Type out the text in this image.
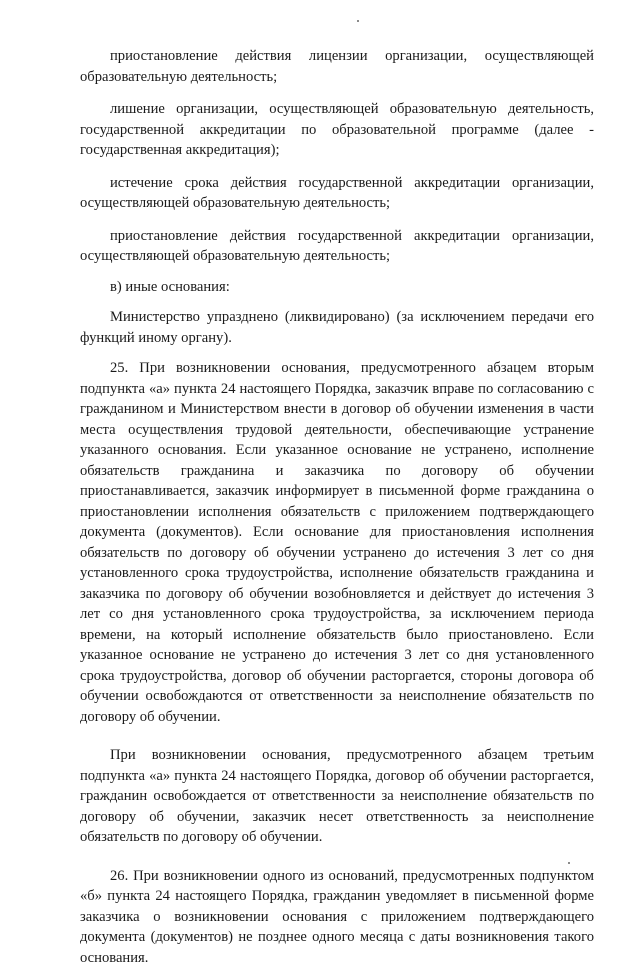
приостановление действия лицензии организации, осуществляющей образовательную деятельность;

лишение организации, осуществляющей образовательную деятельность, государственной аккредитации по образовательной программе (далее - государственная аккредитация);

истечение срока действия государственной аккредитации организации, осуществляющей образовательную деятельность;

приостановление действия государственной аккредитации организации, осуществляющей образовательную деятельность;

в) иные основания:

Министерство упразднено (ликвидировано) (за исключением передачи его функций иному органу).

25. При возникновении основания, предусмотренного абзацем вторым подпункта «а» пункта 24 настоящего Порядка, заказчик вправе по согласованию с гражданином и Министерством внести в договор об обучении изменения в части места осуществления трудовой деятельности, обеспечивающие устранение указанного основания. Если указанное основание не устранено, исполнение обязательств гражданина и заказчика по договору об обучении приостанавливается, заказчик информирует в письменной форме гражданина о приостановлении исполнения обязательств с приложением подтверждающего документа (документов). Если основание для приостановления исполнения обязательств по договору об обучении устранено до истечения 3 лет со дня установленного срока трудоустройства, исполнение обязательств гражданина и заказчика по договору об обучении возобновляется и действует до истечения 3 лет со дня установленного срока трудоустройства, за исключением периода времени, на который исполнение обязательств было приостановлено. Если указанное основание не устранено до истечения 3 лет со дня установленного срока трудоустройства, договор об обучении расторгается, стороны договора об обучении освобождаются от ответственности за неисполнение обязательств по договору об обучении.

При возникновении основания, предусмотренного абзацем третьим подпункта «а» пункта 24 настоящего Порядка, договор об обучении расторгается, гражданин освобождается от ответственности за неисполнение обязательств по договору об обучении, заказчик несет ответственность за неисполнение обязательств по договору об обучении.

26. При возникновении одного из оснований, предусмотренных подпунктом «б» пункта 24 настоящего Порядка, гражданин уведомляет в письменной форме заказчика о возникновении основания с приложением подтверждающего документа (документов) не позднее одного месяца с даты возникновения такого основания.
